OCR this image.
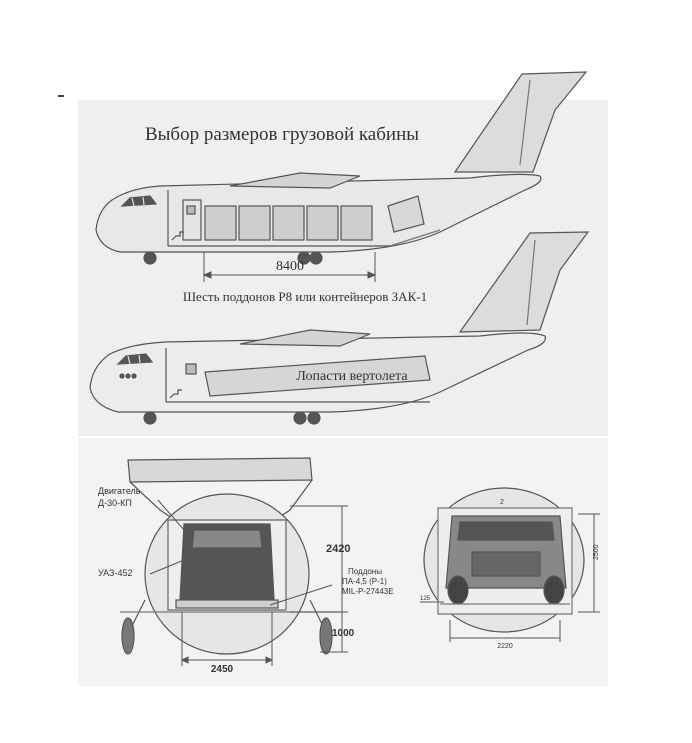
8400
Выбор размеров грузовой кабины
Шесть поддонов Р8 или контейнеров ЗАК-1
Лопасти вертолета
Двигатель
Д-30-КП
УАЗ-452
2420
Поддоны
ПА-4,5 (Р-1)
MIL-P-27443E
1000
2450
2
2500
125
2220
